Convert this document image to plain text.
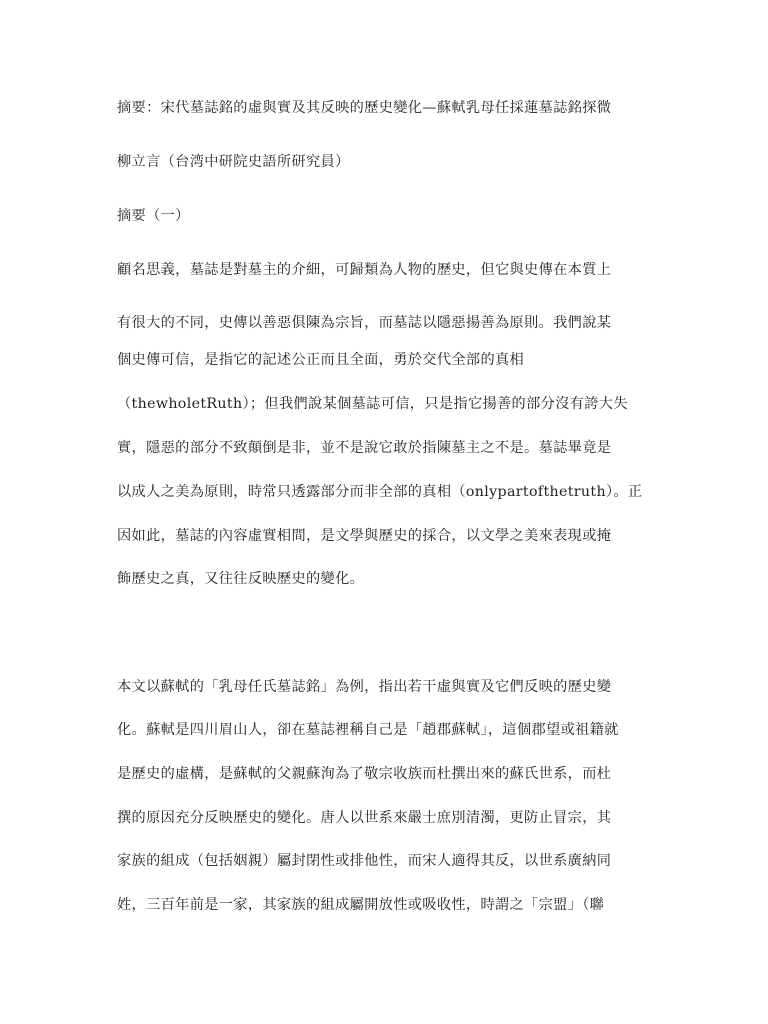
摘要：宋代墓誌銘的虛與實及其反映的歷史變化—蘇軾乳母任採蓮墓誌銘探微
柳立言（台湾中研院史語所研究員）
摘要（一）
顧名思義，墓誌是對墓主的介細，可歸類為人物的歷史，但它與史傳在本質上
有很大的不同，史傳以善惡俱陳為宗旨，而墓誌以隱惡揚善為原則。我們說某
個史傳可信，是指它的記述公正而且全面，勇於交代全部的真相
（thewholetRuth）；但我們說某個墓誌可信，只是指它揚善的部分沒有誇大失
實，隱惡的部分不致顛倒是非，並不是說它敢於指陳墓主之不是。墓誌畢竟是
以成人之美為原則，時常只透露部分而非全部的真相（onlypartofthetruth）。正
因如此，墓誌的內容虛實相間，是文學與歷史的採合，以文學之美來表現或掩
飾歷史之真，又往往反映歷史的變化。
本文以蘇軾的「乳母任氏墓誌銘」為例，指出若干虛與實及它們反映的歷史變
化。蘇軾是四川眉山人，卻在墓誌裡稱自己是「趙郡蘇軾」，這個郡望或祖籍就
是歷史的虛構，是蘇軾的父親蘇洵為了敬宗收族而杜撰出來的蘇氏世系，而杜
撰的原因充分反映歷史的變化。唐人以世系來嚴士庶別清濁，更防止冒宗，其
家族的組成（包括姻親）屬封閉性或排他性，而宋人適得其反，以世系廣納同
姓，三百年前是一家，其家族的組成屬開放性或吸收性，時謂之「宗盟」（聯
